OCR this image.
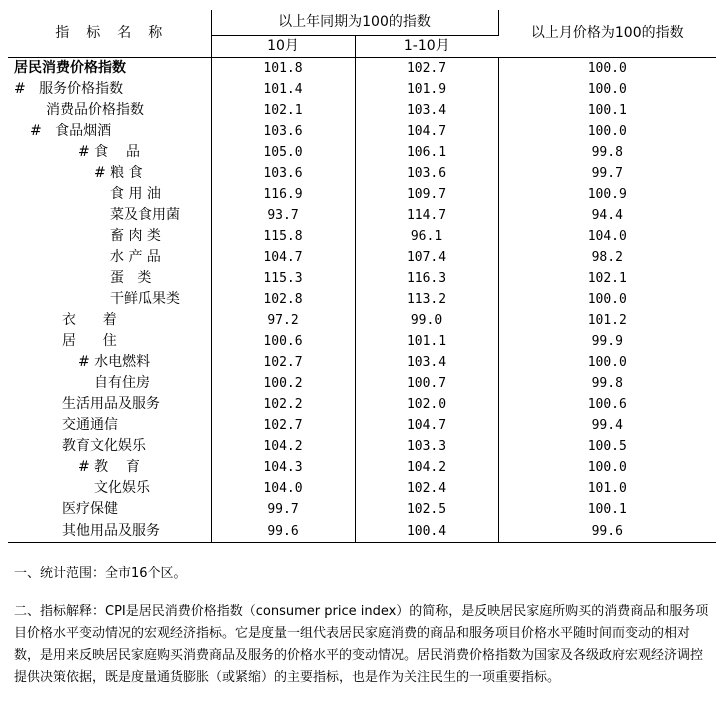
指 标 名 称	以上年同期为100的指数		以上月价格为100的指数
	10月	1-10月	
居民消费价格指数	101.8	102.7	100.0
#   服务价格指数	101.4	101.9	100.0
消费品价格指数	102.1	103.4	100.1
#   食品烟酒	103.6	104.7	100.0
# 食    品	105.0	106.1	99.8
# 粮 食	103.6	103.6	99.7
食 用 油	116.9	109.7	100.9
菜及食用菌	93.7	114.7	94.4
畜 肉 类	115.8	96.1	104.0
水 产 品	104.7	107.4	98.2
蛋   类	115.3	116.3	102.1
干鲜瓜果类	102.8	113.2	100.0
衣      着	97.2	99.0	101.2
居      住	100.6	101.1	99.9
# 水电燃料	102.7	103.4	100.0
自有住房	100.2	100.7	99.8
生活用品及服务	102.2	102.0	100.6
交通通信	102.7	104.7	99.4
教育文化娱乐	104.2	103.3	100.5
# 教    育	104.3	104.2	100.0
文化娱乐	104.0	102.4	101.0
医疗保健	99.7	102.5	100.1
其他用品及服务	99.6	100.4	99.6

一、统计范围：全市16个区。

二、指标解释：CPI是居民消费价格指数（consumer price index）的简称，是反映居民家庭所购买的消费商品和服务项目价格水平变动情况的宏观经济指标。它是度量一组代表居民家庭消费的商品和服务项目价格水平随时间而变动的相对数，是用来反映居民家庭购买消费商品及服务的价格水平的变动情况。居民消费价格指数为国家及各级政府宏观经济调控提供决策依据，既是度量通货膨胀（或紧缩）的主要指标，也是作为关注民生的一项重要指标。
